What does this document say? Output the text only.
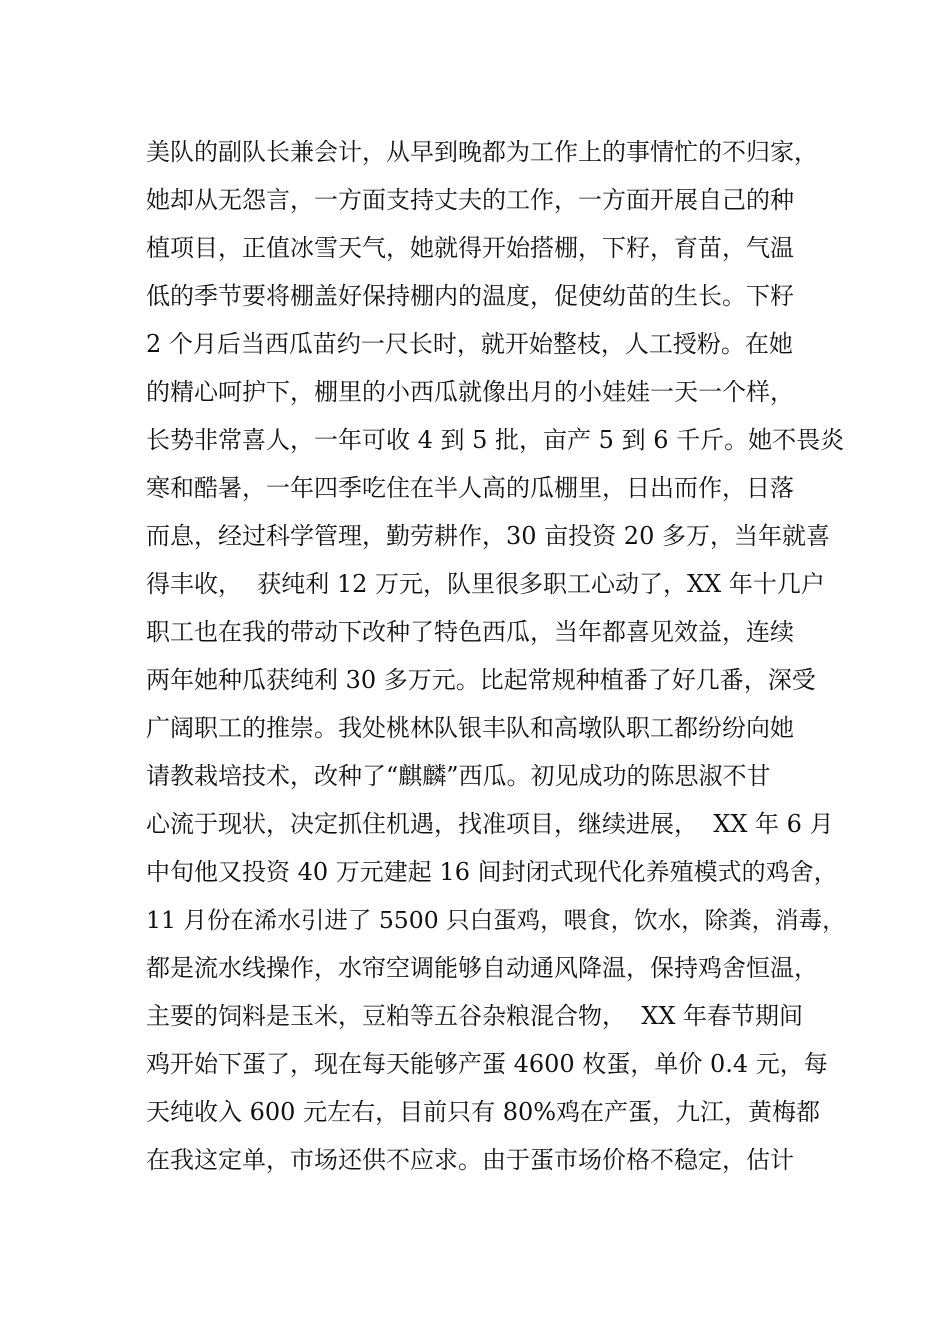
美队的副队长兼会计，从早到晚都为工作上的事情忙的不归家，
她却从无怨言，一方面支持丈夫的工作，一方面开展自己的种
植项目，正值冰雪天气，她就得开始搭棚，下籽，育苗，气温
低的季节要将棚盖好保持棚内的温度，促使幼苗的生长。下籽
2 个月后当西瓜苗约一尺长时，就开始整枝，人工授粉。在她
的精心呵护下，棚里的小西瓜就像出月的小娃娃一天一个样，
长势非常喜人，一年可收 4 到 5 批，亩产 5 到 6 千斤。她不畏炎
寒和酷暑，一年四季吃住在半人高的瓜棚里，日出而作，日落
而息，经过科学管理，勤劳耕作，30 亩投资 20 多万，当年就喜
得丰收，  获纯利 12 万元，队里很多职工心动了，XX 年十几户
职工也在我的带动下改种了特色西瓜，当年都喜见效益，连续
两年她种瓜获纯利 30 多万元。比起常规种植番了好几番，深受
广阔职工的推崇。我处桃林队银丰队和高墩队职工都纷纷向她
请教栽培技术，改种了“麒麟”西瓜。初见成功的陈思淑不甘
心流于现状，决定抓住机遇，找准项目，继续进展，  XX 年 6 月
中旬他又投资 40 万元建起 16 间封闭式现代化养殖模式的鸡舍，
11 月份在浠水引进了 5500 只白蛋鸡，喂食，饮水，除粪，消毒，
都是流水线操作，水帘空调能够自动通风降温，保持鸡舍恒温，
主要的饲料是玉米，豆粕等五谷杂粮混合物，  XX 年春节期间
鸡开始下蛋了，现在每天能够产蛋 4600 枚蛋，单价 0.4 元，每
天纯收入 600 元左右，目前只有 80%鸡在产蛋，九江，黄梅都
在我这定单，市场还供不应求。由于蛋市场价格不稳定，估计
